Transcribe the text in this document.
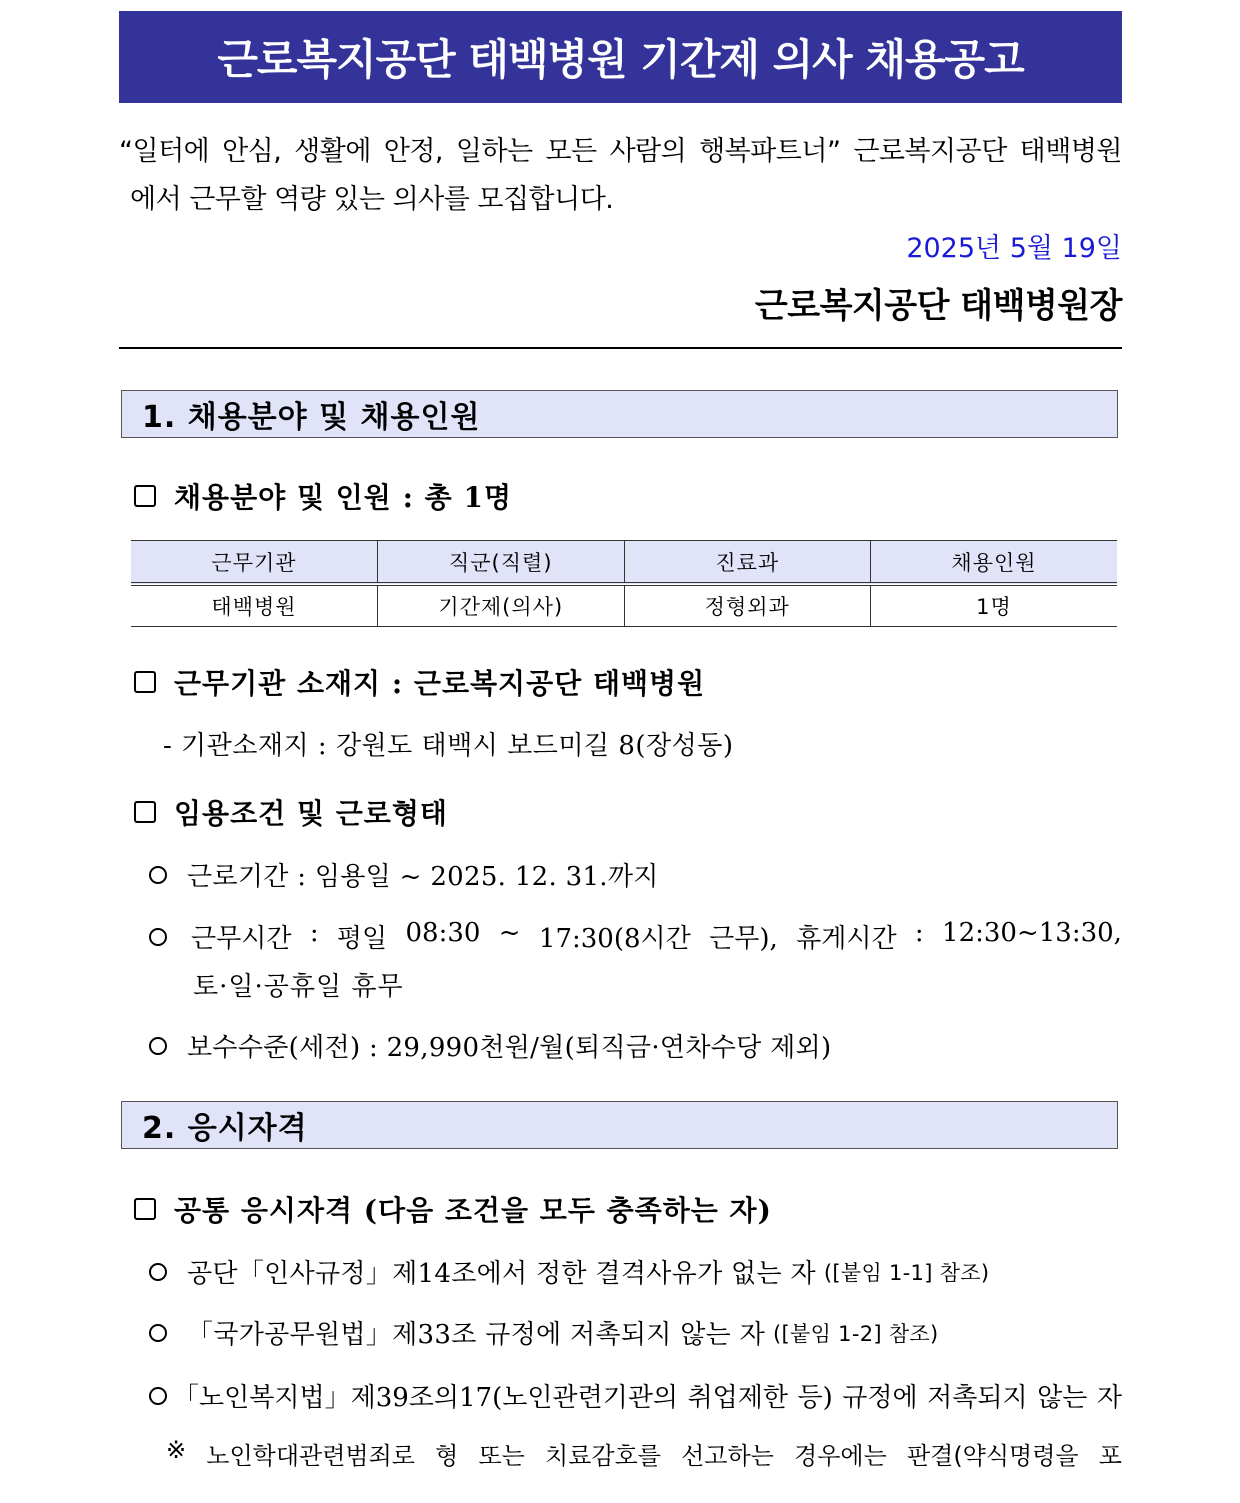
근로복지공단 태백병원 기간제 의사 채용공고
“일터에 안심, 생활에 안정, 일하는 모든 사람의 행복파트너” 근로복지공단 태백병원
에서 근무할 역량 있는 의사를 모집합니다.
2025년 5월 19일
근로복지공단 태백병원장
1. 채용분야 및 채용인원
채용분야 및 인원 : 총 1명
근무기관	직군(직렬)	진료과	채용인원
태백병원	기간제(의사)	정형외과	1명
근무기관 소재지 : 근로복지공단 태백병원
- 기관소재지 : 강원도 태백시 보드미길 8(장성동)
임용조건 및 근로형태
근로기간 : 임용일 ~ 2025. 12. 31.까지
근무시간 : 평일 08:30 ~ 17:30(8시간 근무), 휴게시간 : 12:30~13:30,
토·일·공휴일 휴무
보수수준(세전) : 29,990천원/월(퇴직금·연차수당 제외)
2. 응시자격
공통 응시자격 (다음 조건을 모두 충족하는 자)
공단「인사규정」제14조에서 정한 결격사유가 없는 자 ([붙임 1-1] 참조)
「국가공무원법」제33조 규정에 저촉되지 않는 자 ([붙임 1-2] 참조)
「노인복지법」제39조의17(노인관련기관의 취업제한 등) 규정에 저촉되지 않는 자
※ 노인학대관련범죄로 형 또는 치료감호를 선고하는 경우에는 판결(약식명령을 포
